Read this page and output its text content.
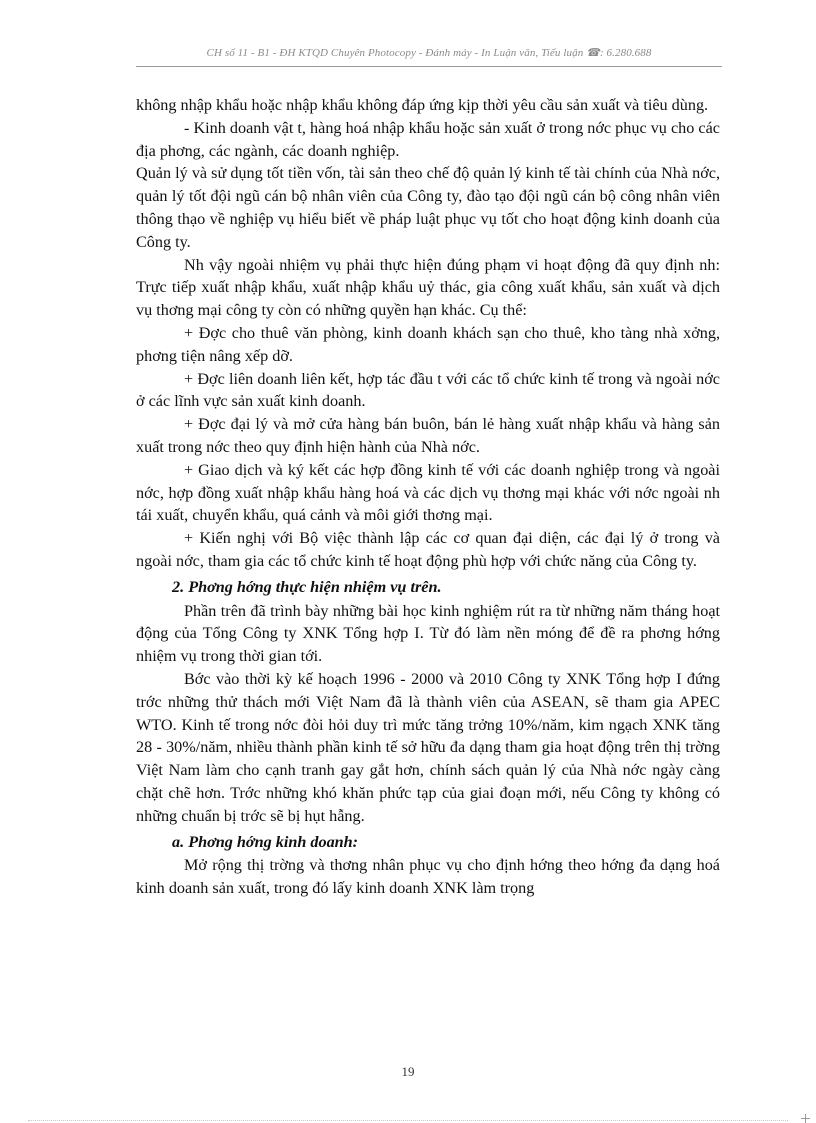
CH số 11 - B1 - ĐH KTQD Chuyên Photocopy - Đánh máy - In Luận văn, Tiểu luận ☎: 6.280.688

không nhập khẩu hoặc nhập khẩu không đáp ứng kịp thời yêu cầu sản xuất và tiêu dùng.

- Kinh doanh vật t, hàng hoá nhập khẩu hoặc sản xuất ở trong nớc phục vụ cho các địa phơng, các ngành, các doanh nghiệp.

Quản lý và sử dụng tốt tiền vốn, tài sản theo chế độ quản lý kinh tế tài chính của Nhà nớc, quản lý tốt đội ngũ cán bộ nhân viên của Công ty, đào tạo đội ngũ cán bộ công nhân viên thông thạo về nghiệp vụ hiểu biết về pháp luật phục vụ tốt cho hoạt động kinh doanh của Công ty.

Nh vậy ngoài nhiệm vụ phải thực hiện đúng phạm vi hoạt động đã quy định nh: Trực tiếp xuất nhập khẩu, xuất nhập khẩu uỷ thác, gia công xuất khẩu, sản xuất và dịch vụ thơng mại công ty còn có những quyền hạn khác. Cụ thể:

+ Đợc cho thuê văn phòng, kinh doanh khách sạn cho thuê, kho tàng nhà xởng, phơng tiện nâng xếp dỡ.

+ Đợc liên doanh liên kết, hợp tác đầu t với các tổ chức kinh tế trong và ngoài nớc ở các lĩnh vực sản xuất kinh doanh.

+ Đợc đại lý và mở cửa hàng bán buôn, bán lẻ hàng xuất nhập khẩu và hàng sản xuất trong nớc theo quy định hiện hành của Nhà nớc.

+ Giao dịch và ký kết các hợp đồng kinh tế với các doanh nghiệp trong và ngoài nớc, hợp đồng xuất nhập khẩu hàng hoá và các dịch vụ thơng mại khác với nớc ngoài nh tái xuất, chuyển khẩu, quá cảnh và môi giới thơng mại.

+ Kiến nghị với Bộ việc thành lập các cơ quan đại diện, các đại lý ở trong và ngoài nớc, tham gia các tổ chức kinh tế hoạt động phù hợp với chức năng của Công ty.

2. Phơng hớng thực hiện nhiệm vụ trên.

Phần trên đã trình bày những bài học kinh nghiệm rút ra từ những năm tháng hoạt động của Tổng Công ty XNK Tổng hợp I. Từ đó làm nền móng để đề ra phơng hớng nhiệm vụ trong thời gian tới.

Bớc vào thời kỳ kế hoạch 1996 - 2000 và 2010 Công ty XNK Tổng hợp I đứng trớc những thử thách mới Việt Nam đã là thành viên của ASEAN, sẽ tham gia APEC WTO. Kinh tế trong nớc đòi hỏi duy trì mức tăng trởng 10%/năm, kim ngạch XNK tăng 28 - 30%/năm, nhiều thành phần kinh tế sở hữu đa dạng tham gia hoạt động trên thị trờng Việt Nam làm cho cạnh tranh gay gắt hơn, chính sách quản lý của Nhà nớc ngày càng chặt chẽ hơn. Trớc những khó khăn phức tạp của giai đoạn mới, nếu Công ty không có những chuẩn bị trớc sẽ bị hụt hẫng.

a. Phơng hớng kinh doanh:

Mở rộng thị trờng và thơng nhân phục vụ cho định hớng theo hớng đa dạng hoá kinh doanh sản xuất, trong đó lấy kinh doanh XNK làm trọng

19
